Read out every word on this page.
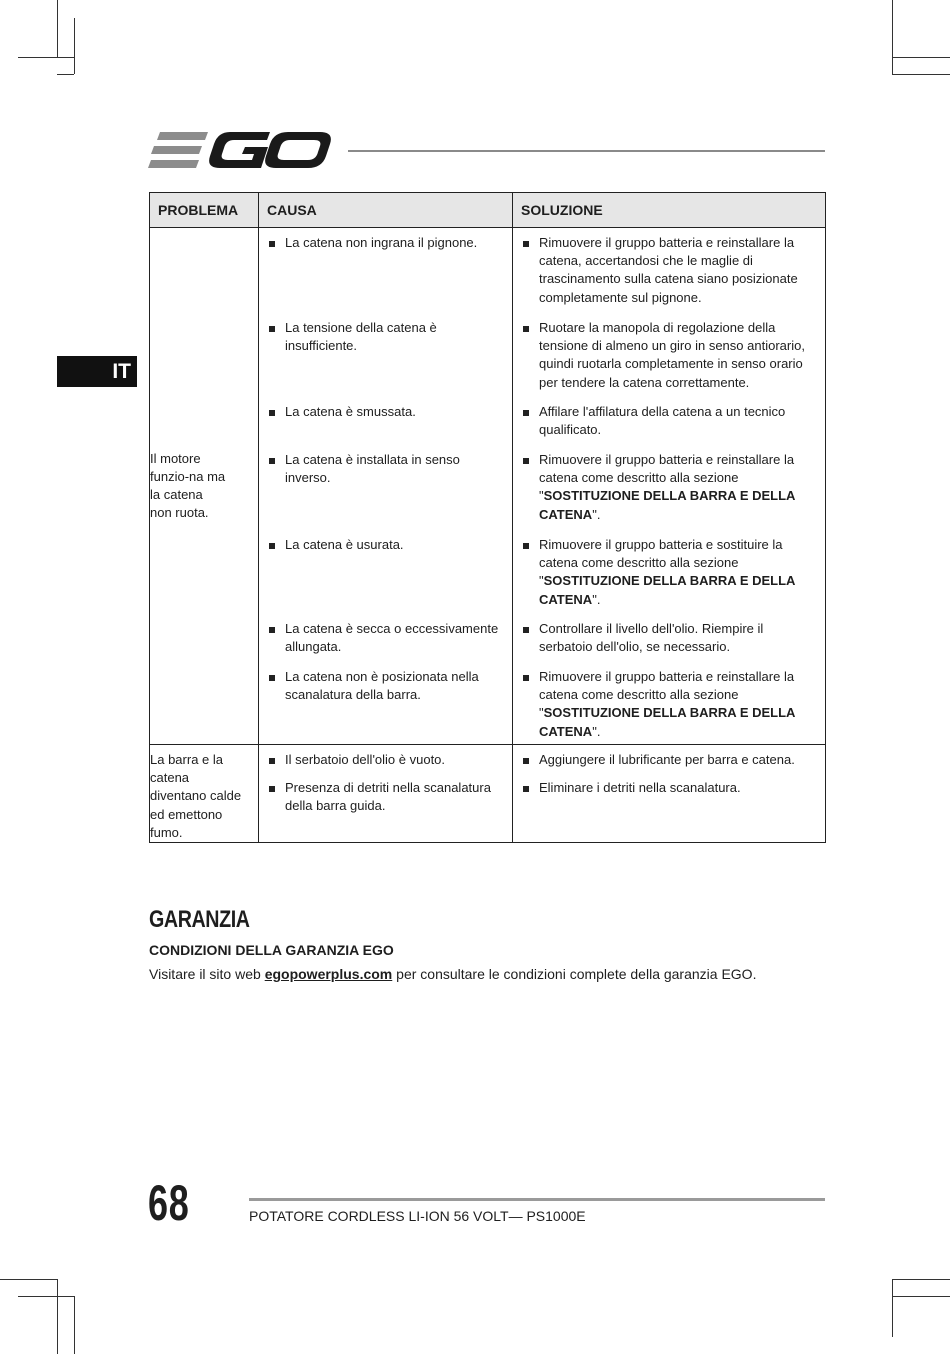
IT
PROBLEMA	CAUSA	SOLUZIONE

Il motore funzio-na ma la catena non ruota.	La catena non ingrana il pignone.	Rimuovere il gruppo batteria e reinstallare la catena, accertandosi che le maglie di trascinamento sulla catena siano posizionate completamente sul pignone.

	La tensione della catena è insufficiente.	Ruotare la manopola di regolazione della tensione di almeno un giro in senso antiorario, quindi ruotarla completamente in senso orario per tendere la catena correttamente.

	La catena è smussata.	Affilare l'affilatura della catena a un tecnico qualificato.

	La catena è installata in senso inverso.	Rimuovere il gruppo batteria e reinstallare la catena come descritto alla sezione "SOSTITUZIONE DELLA BARRA E DELLA CATENA".

	La catena è usurata.	Rimuovere il gruppo batteria e sostituire la catena come descritto alla sezione "SOSTITUZIONE DELLA BARRA E DELLA CATENA".

	La catena è secca o eccessivamente allungata.	Controllare il livello dell'olio. Riempire il serbatoio dell'olio, se necessario.

	La catena non è posizionata nella scanalatura della barra.	Rimuovere il gruppo batteria e reinstallare la catena come descritto alla sezione "SOSTITUZIONE DELLA BARRA E DELLA CATENA".

La barra e la catena diventano calde ed emettono fumo.	Il serbatoio dell'olio è vuoto.	Aggiungere il lubrificante per barra e catena.

	Presenza di detriti nella scanalatura della barra guida.	Eliminare i detriti nella scanalatura.

GARANZIA
CONDIZIONI DELLA GARANZIA EGO
Visitare il sito web egopowerplus.com per consultare le condizioni complete della garanzia EGO.
68	POTATORE CORDLESS LI-ION 56 VOLT— PS1000E
